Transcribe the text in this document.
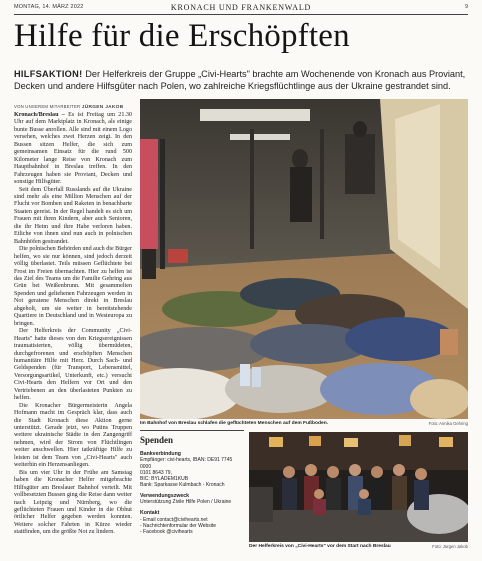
MONTAG, 14. MÄRZ 2022	KRONACH UND FRANKENWALD	9
Hilfe für die Erschöpften
HILFSAKTION! Der Helferkreis der Gruppe „Civi-Hearts" brachte am Wochenende von Kronach aus Proviant, Decken und andere Hilfsgüter nach Polen, wo zahlreiche Kriegsflüchtlinge aus der Ukraine gestrandet sind.
VON UNSEREM MITARBEITER JÜRGEN JAKOB

Kronach/Breslau – Es ist Freitag um 21.30 Uhr auf dem Marktplatz in Kronach, als einige bunte Busse anrollen. Alle sind mit einem Logo versehen, welches zwei Herzen zeigt. In den Bussen sitzen Helfer, die sich zum gemeinsamen Einsatz für die rund 500 Kilometer lange Reise von Kronach zum Hauptbahnhof in Breslau treffen. In den Fahrzeugen haben sie Proviant, Decken und sonstige Hilfsgüter.

Seit dem Überfall Russlands auf die Ukraine sind mehr als eine Million Menschen auf der Flucht vor Bomben und Raketen in benachbarte Staaten gereist. In der Regel handelt es sich um Frauen mit ihren Kindern, aber auch Senioren, die ihr Heim und ihre Habe verloren haben. Etliche von ihnen sind nun auch in polnischen Bahnhöfen gestrandet.

Die polnischen Behörden und auch die Bürger helfen, wo sie nur können, sind jedoch derzeit völlig überlastet. Teils müssen Geflüchtete bei Frost im Freien übernachten. Hier zu helfen ist das Ziel des Teams um die Familie Gehring aus Grün bei Weißenbrunn. Mit gesammelten Spenden und geliehenen Fahrzeugen werden in Not geratene Menschen direkt in Breslau abgeholt, um sie weiter in bereitstehende Quartiere in Deutschland und in Westeuropa zu bringen.

Der Helferkreis der Community „Civi-Hearts" hatte dieses von den Kriegsereignissen traumatisierten, völlig übermüdeten, durchgefrorenen und erschöpften Menschen humanitäre Hilfe mit Herz. Durch Sach- und Geldspenden (für Transport, Lebensmittel, Versorgungsartikel, Unterkunft, etc.) versucht Civi-Hearts den Helfern vor Ort und den Vertriebenen an den überlasteten Punkten zu helfen.

Die Kronacher Bürgermeisterin Angela Hofmann macht im Gespräch klar, dass auch die Stadt Kronach diese Aktion gerne unterstützt. Gerade jetzt, wo Putins Truppen weitere ukrainische Städte in den Zangengriff nehmen, wird der Strom von Flüchtlingen weiter anschwellen. Hier tatkräftige Hilfe zu leisten ist dem Team von „Civi-Hearts" auch weiterhin ein Herzensanliegen.

Bis um vier Uhr in der Frühe am Samstag haben die Kronacher Helfer mitgebrachte Hilfsgüter am Breslauer Bahnhof verteilt. Mit vollbesetzten Bussen ging die Reise dann weiter nach Leipzig und Nürnberg, wo die geflüchteten Frauen und Kinder in die Obhut örtlicher Helfer gegeben werden konnten. Weitere solcher Fahrten in Kürze wieder stattfinden, um die größte Not zu lindern.

Im Bahnhof von Breslau schlafen die geflüchteten Menschen auf dem Fußboden.	Foto: Annika Gehring
Spenden
Bankverbindung
Empfänger: civi-hearts, IBAN: DE91 7745 0000
0101 8643 79,
BIC: BYLADEM1KUB
Bank: Sparkasse Kulmbach - Kronach
Verwendungszweck
Unterstützung Zivile Hilfe Polen / Ukraine
Kontakt
- Email contact@civihearts.net
- Nachrichtenformular der Website
- Facebook @civihearts
Der Helferkreis von „Civi-Hearts" vor dem Start nach Breslau	Foto: Jürgen Jakob
